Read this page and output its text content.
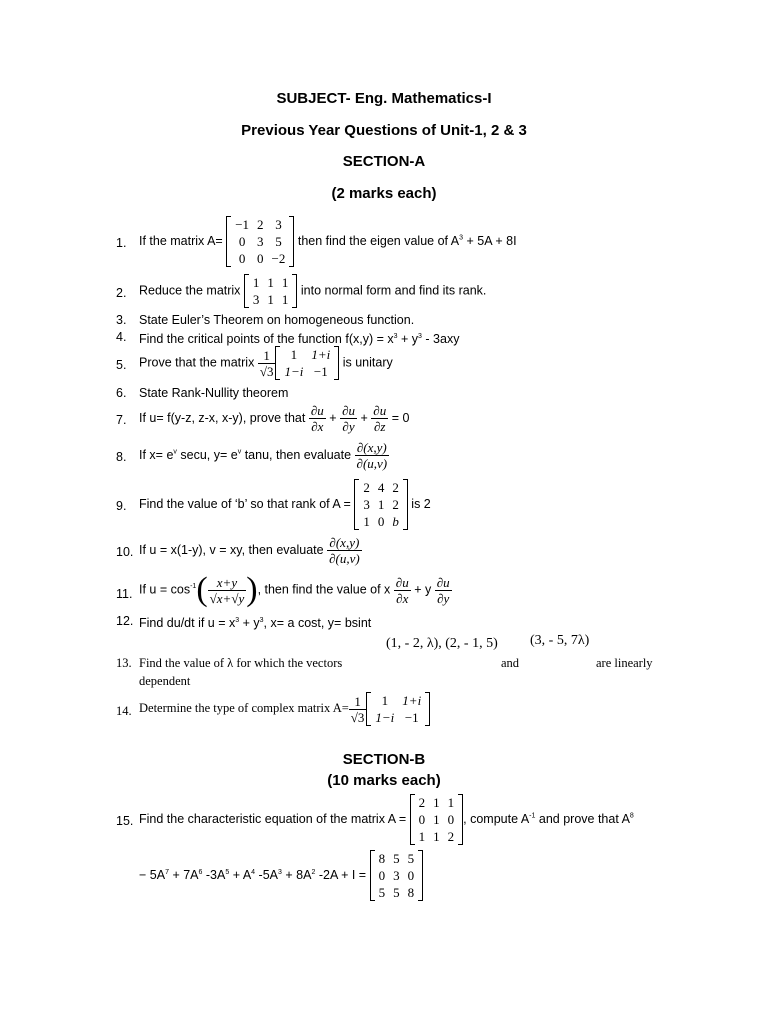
SUBJECT- Eng. Mathematics-I
Previous Year Questions of Unit-1, 2 & 3
SECTION-A
(2 marks each)
1. If the matrix A=
−1	2	3
0	3	5
0	0	−2
then find the eigen value of $A^3 + 5A + 8I$
2. Reduce the matrix
1	1	1
3	1	1
into normal form and find its rank.
3. State Euler’s Theorem on homogeneous function.
4. Find the critical points of the function $f(x,y) = x^3 + y^3 - 3axy$
5. Prove that the matrix $\frac{1}{√3} 1$	1+i
1−i	−1
is unitary
6. State Rank-Nullity theorem
7. If u= f(y-z, z-x, x-y), prove that $\frac{\partial u}{\partial x} + \frac{\partial u}{\partial y} + \frac{\partial u}{\partial z} = 0$
8. If $x= e^v$ secu, $y= e^v$ tanu, then evaluate $\frac{\partial(x,y)}{\partial(u,v)}$
9. Find the value of ‘b’ so that rank of A =
2	4	2
3	1	2
1	0	b
is 2
10. If u = x(1-y), v = xy, then evaluate $\frac{\partial(x,y)}{\partial(u,v)}$
11. If $u = \cos^{-1}( \frac{x+y}{√x+√y}$ ), then find the value of x $\frac{\partial u}{\partial x} + y \frac{\partial u}{\partial y}$
12. Find du/dt if $u = x^3 + y^3$, x= a cost, y= bsint
(1, - 2, λ), (2, - 1, 5) (3, - 5, 7λ)
13. Find the value of λ for which the vectors	and	are linearly
dependent
14. Determine the type of complex matrix $A= \frac{1}{√3} 1$	1+i
1−i	−1
SECTION-B
(10 marks each)
15. Find the characteristic equation of the matrix A =
2	1	1
0	1	0
1	1	2
, compute $A^{-1}$ and prove that $A^8$
− $5A^7 + 7A^6$ $-3A^5 + A^4$ $-5A^3 + 8A^2$ -2A + I =
8	5	5
0	3	0
5	5	8
